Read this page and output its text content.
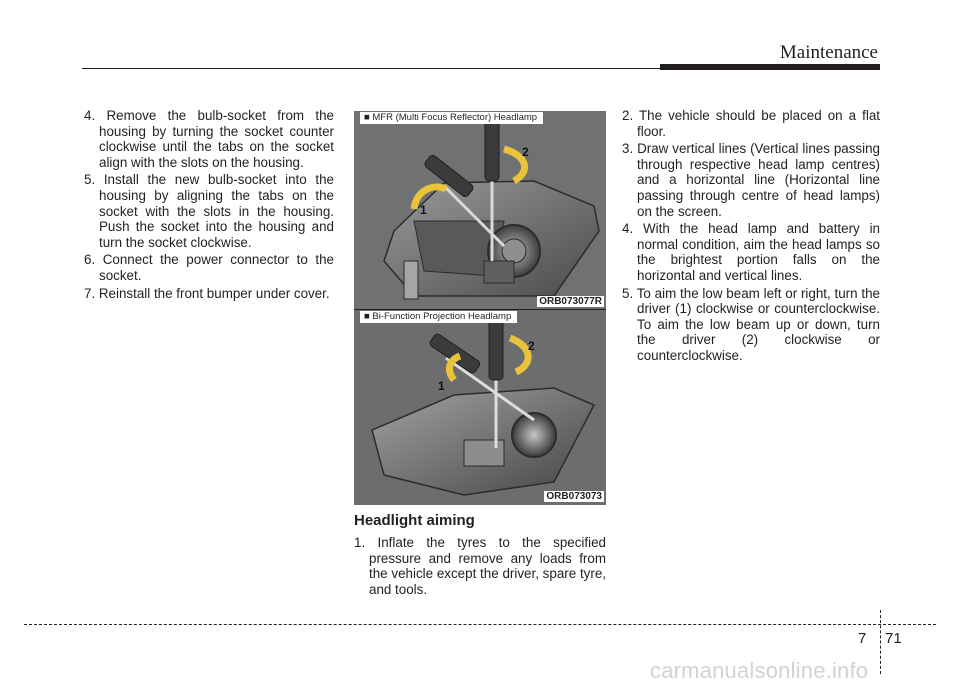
Maintenance
4. Remove the bulb-socket from the housing by turning the socket counter clockwise until the tabs on the socket align with the slots on the housing.
5. Install the new bulb-socket into the housing by aligning the tabs on the socket with the slots in the housing. Push the socket into the housing and turn the socket clockwise.
6. Connect the power connector to the socket.
7. Reinstall the front bumper under cover.
2
1
■ MFR (Multi Focus Reflector) Headlamp
ORB073077R
2
1
■ Bi-Function Projection Headlamp
ORB073073
Headlight aiming
1. Inflate the tyres to the specified pressure and remove any loads from the vehicle except the driver, spare tyre, and tools.
2. The vehicle should be placed on a flat floor.
3. Draw vertical lines (Vertical lines passing through respective head lamp centres) and a horizontal line (Horizontal line passing through centre of head lamps) on the screen.
4. With the head lamp and battery in normal condition, aim the head lamps so the brightest portion falls on the horizontal and vertical lines.
5. To aim the low beam left or right, turn the driver (1) clockwise or counterclockwise. To aim the low beam up or down, turn the driver (2) clockwise or counterclockwise.
7 71
carmanualsonline.info
